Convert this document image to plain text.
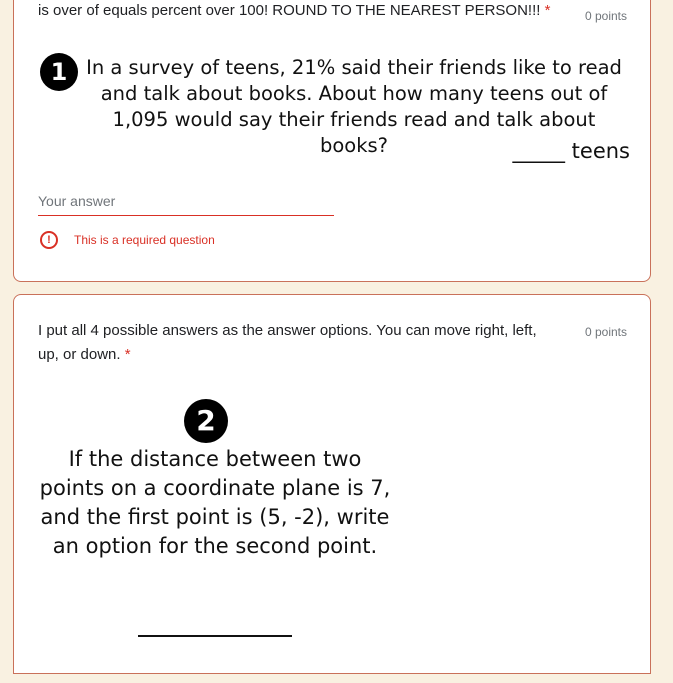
is over of equals percent over 100! ROUND TO THE NEAREST PERSON!!! *	0 points
1 In a survey of teens, 21% said their friends like to read and talk about books. About how many teens out of 1,095 would say their friends read and talk about books?	_____ teens
Your answer
!	This is a required question
I put all 4 possible answers as the answer options. You can move right, left, up, or down. *
0 points
2
If the distance between two points on a coordinate plane is 7, and the first point is (5, -2), write an option for the second point.
